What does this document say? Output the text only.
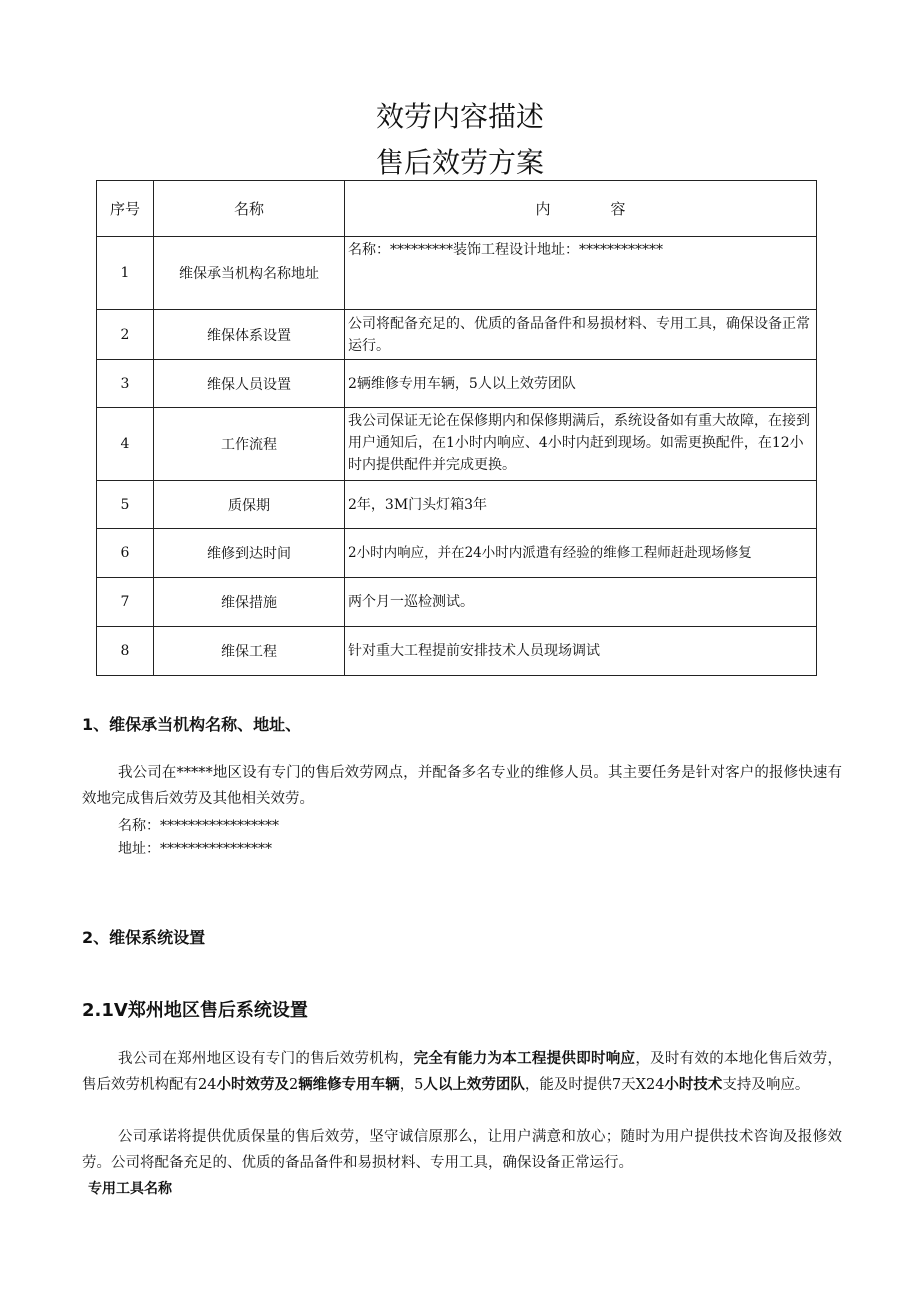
效劳内容描述
售后效劳方案
序号	名称	内容
1	维保承当机构名称地址	名称：*********装饰工程设计地址：************
2	维保体系设置	公司将配备充足的、优质的备品备件和易损材料、专用工具，确保设备正常运行。
3	维保人员设置	2辆维修专用车辆，5人以上效劳团队
4	工作流程	我公司保证无论在保修期内和保修期满后，系统设备如有重大故障，在接到用户通知后，在1小时内响应、4小时内赶到现场。如需更换配件，在12小时内提供配件并完成更换。
5	质保期	2年，3M门头灯箱3年
6	维修到达时间	2小时内响应，并在24小时内派遣有经验的维修工程师赶赴现场修复
7	维保措施	两个月一巡检测试。
8	维保工程	针对重大工程提前安排技术人员现场调试
1、维保承当机构名称、地址、
我公司在*****地区设有专门的售后效劳网点，并配备多名专业的维修人员。其主要任务是针对客户的报修快速有效地完成售后效劳及其他相关效劳。
名称：*****************
地址：****************
2、维保系统设置
2.1V郑州地区售后系统设置
我公司在郑州地区设有专门的售后效劳机构，完全有能力为本工程提供即时响应，及时有效的本地化售后效劳，售后效劳机构配有24小时效劳及2辆维修专用车辆，5人以上效劳团队，能及时提供7天X24小时技术支持及响应。
公司承诺将提供优质保量的售后效劳，坚守诚信原那么，让用户满意和放心；随时为用户提供技术咨询及报修效劳。公司将配备充足的、优质的备品备件和易损材料、专用工具，确保设备正常运行。
专用工具名称
